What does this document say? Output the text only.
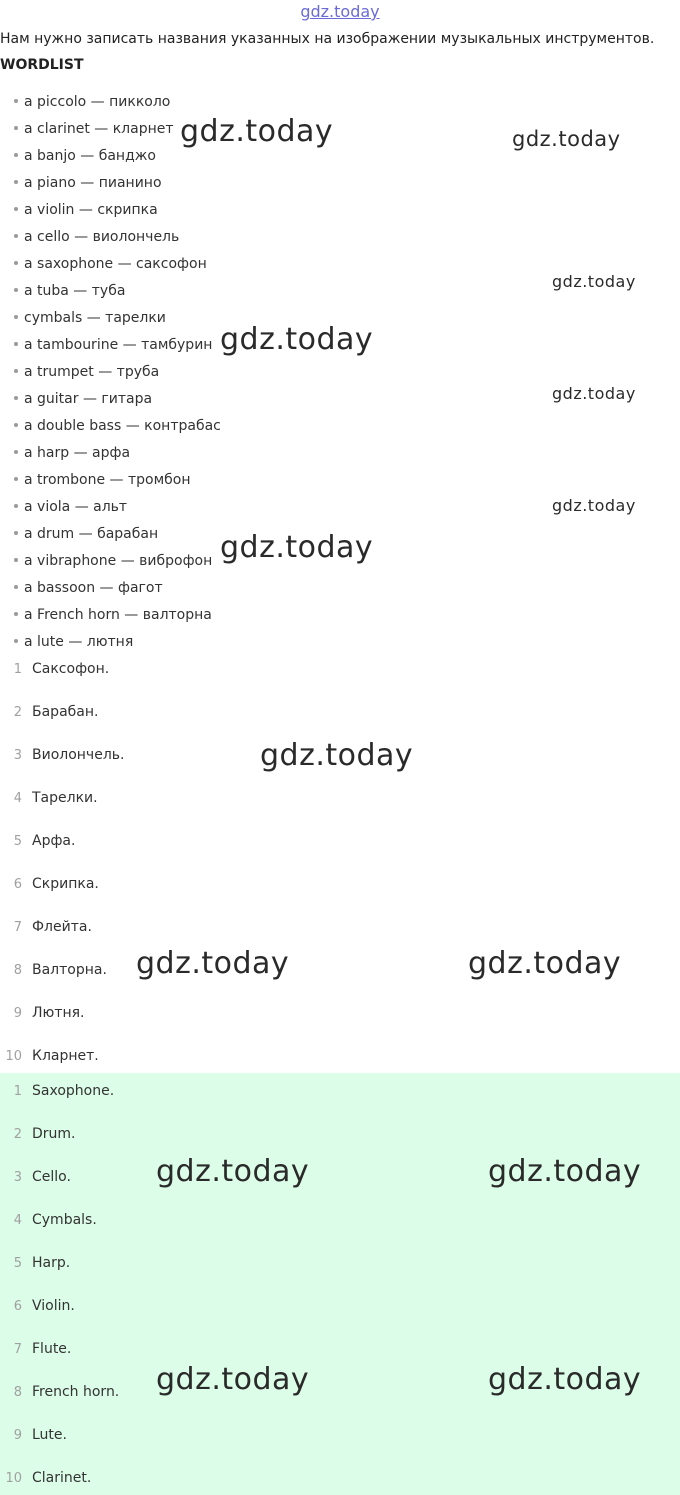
gdz.today
Нам нужно записать названия указанных на изображении музыкальных инструментов.
WORDLIST
a piccolo — пикколо
a clarinet — кларнет
a banjo — банджо
a piano — пианино
a violin — скрипка
a cello — виолончель
a saxophone — саксофон
a tuba — туба
cymbals — тарелки
a tambourine — тамбурин
a trumpet — труба
a guitar — гитара
a double bass — контрабас
a harp — арфа
a trombone — тромбон
a viola — альт
a drum — барабан
a vibraphone — виброфон
a bassoon — фагот
a French horn — валторна
a lute — лютня
1 Саксофон.
2 Барабан.
3 Виолончель.
4 Тарелки.
5 Арфа.
6 Скрипка.
7 Флейта.
8 Валторна.
9 Лютня.
10 Кларнет.
1 Saxophone.
2 Drum.
3 Cello.
4 Cymbals.
5 Harp.
6 Violin.
7 Flute.
8 French horn.
9 Lute.
10 Clarinet.
gdz.today	gdz.today
gdz.today
gdz.today
gdz.today
gdz.today
gdz.today
gdz.today
gdz.today	gdz.today
gdz.today	gdz.today
gdz.today	gdz.today
